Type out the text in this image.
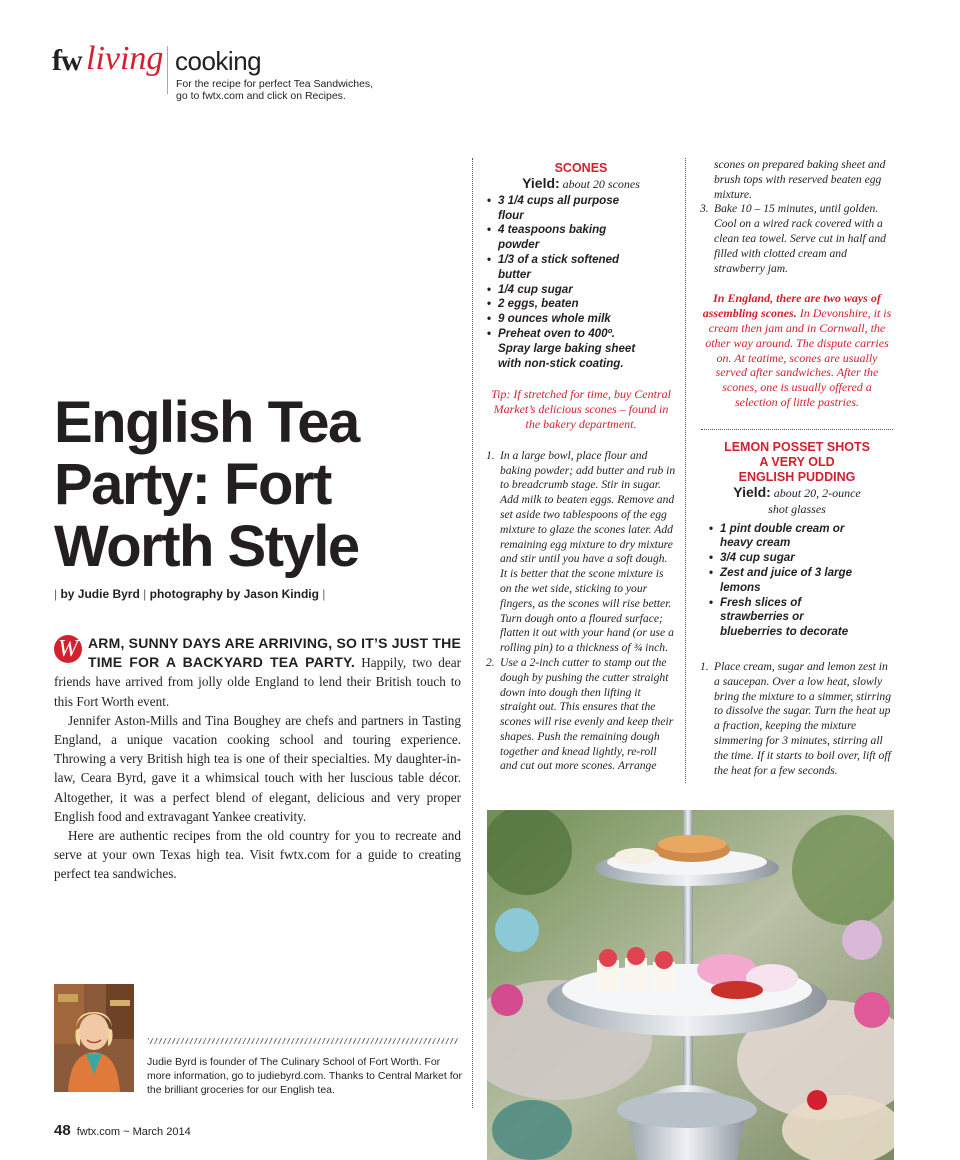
fw living cooking
For the recipe for perfect Tea Sandwiches, go to fwtx.com and click on Recipes.
English Tea Party: Fort Worth Style
| by Judie Byrd | photography by Jason Kindig |

W ARM, SUNNY DAYS ARE ARRIVING, SO IT’S JUST THE TIME FOR A BACKYARD TEA PARTY. Happily, two dear friends have arrived from jolly olde England to lend their British touch to this Fort Worth event.

Jennifer Aston-Mills and Tina Boughey are chefs and partners in Tasting England, a unique vacation cooking school and touring experience. Throwing a very British high tea is one of their specialties. My daughter-in-law, Ceara Byrd, gave it a whimsical touch with her luscious table décor. Altogether, it was a perfect blend of elegant, delicious and very proper English food and extravagant Yankee creativity.

Here are authentic recipes from the old country for you to recreate and serve at your own Texas high tea. Visit fwtx.com for a guide to creating perfect tea sandwiches.

Judie Byrd is founder of The Culinary School of Fort Worth. For more information, go to judiebyrd.com. Thanks to Central Market for the brilliant groceries for our English tea.
48 fwtx.com ~ March 2014
SCONES
Yield: about 20 scones
• 3 1/4 cups all purpose flour
• 4 teaspoons baking powder
• 1/3 of a stick softened butter
• 1/4 cup sugar
• 2 eggs, beaten
• 9 ounces whole milk
• Preheat oven to 400º. Spray large baking sheet with non-stick coating.
Tip: If stretched for time, buy Central Market’s delicious scones – found in the bakery department.
1. In a large bowl, place flour and baking powder; add butter and rub in to breadcrumb stage. Stir in sugar. Add milk to beaten eggs. Remove and set aside two tablespoons of the egg mixture to glaze the scones later. Add remaining egg mixture to dry mixture and stir until you have a soft dough. It is better that the scone mixture is on the wet side, sticking to your fingers, as the scones will rise better. Turn dough onto a floured surface; flatten it out with your hand (or use a rolling pin) to a thickness of ¾ inch.
2. Use a 2-inch cutter to stamp out the dough by pushing the cutter straight down into dough then lifting it straight out. This ensures that the scones will rise evenly and keep their shapes. Push the remaining dough together and knead lightly, re-roll and cut out more scones. Arrange
scones on prepared baking sheet and brush tops with reserved beaten egg mixture.
3. Bake 10 – 15 minutes, until golden. Cool on a wired rack covered with a clean tea towel. Serve cut in half and filled with clotted cream and strawberry jam.
In England, there are two ways of assembling scones. In Devonshire, it is cream then jam and in Cornwall, the other way around. The dispute carries on. At teatime, scones are usually served after sandwiches. After the scones, one is usually offered a selection of little pastries.
LEMON POSSET SHOTS
A VERY OLD
ENGLISH PUDDING
Yield: about 20, 2-ounce shot glasses
• 1 pint double cream or heavy cream
• 3/4 cup sugar
• Zest and juice of 3 large lemons
• Fresh slices of strawberries or blueberries to decorate
1. Place cream, sugar and lemon zest in a saucepan. Over a low heat, slowly bring the mixture to a simmer, stirring to dissolve the sugar. Turn the heat up a fraction, keeping the mixture simmering for 3 minutes, stirring all the time. If it starts to boil over, lift off the heat for a few seconds.
